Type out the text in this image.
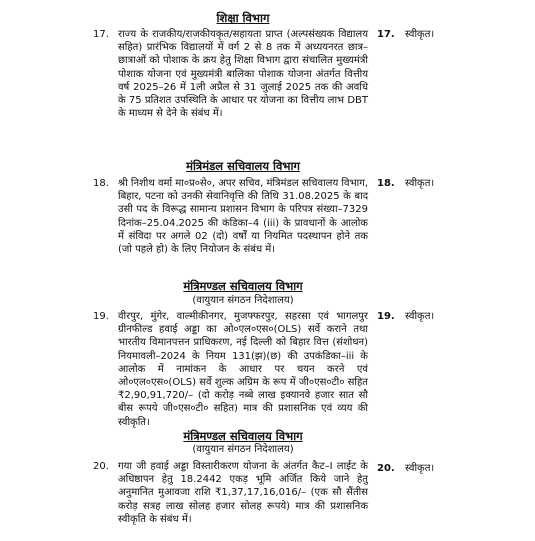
शिक्षा विभाग
17. राज्य के राजकीय/राजकीयकृत/सहायता प्राप्त (अल्पसंख्यक विद्यालय सहित) प्रारंभिक विद्यालयों में वर्ग 2 से 8 तक में अध्ययनरत छात्र–छात्राओं को पोशाक के क्रय हेतु शिक्षा विभाग द्वारा संचालित मुख्यमंत्री पोशाक योजना एवं मुख्यमंत्री बालिका पोशाक योजना अंतर्गत वित्तीय वर्ष 2025–26 में 1ली अप्रैल से 31 जुलाई 2025 तक की अवधि के 75 प्रतिशत उपस्थिति के आधार पर योजना का वित्तीय लाभ DBT के माध्यम से देने के संबंध में।

17. स्वीकृत।
मंत्रिमंडल सचिवालय विभाग
18. श्री निशीथ वर्मा मा०प्र०से०, अपर सचिव, मंत्रिमंडल सचिवालय विभाग, बिहार, पटना को उनकी सेवानिवृत्ति की तिथि 31.08.2025 के बाद उसी पद के विरूद्ध सामान्य प्रशासन विभाग के परिपत्र संख्या–7329 दिनांक–25.04.2025 की कंडिका–4 (iii) के प्रावधानों के आलोक में संविदा पर अगले 02 (दो) वर्षों या नियमित पदस्थापन होने तक (जो पहले हो) के लिए नियोजन के संबंध में।

18. स्वीकृत।
मंत्रिमण्डल सचिवालय विभाग
(वायुयान संगठन निदेशालय)
19. वीरपुर, मुंगेर, वाल्मीकीनगर, मुजफ्फरपुर, सहरसा एवं भागलपुर ग्रीनफील्ड हवाई अड्डा का ओ०एल०एस०(OLS) सर्वे कराने तथा भारतीय विमानपत्तन प्राधिकरण, नई दिल्ली को बिहार वित्त (संशोधन) नियमावली–2024 के नियम 131(झ)(छ) की उपकंडिका–iii के आलोक में नामांकन के आधार पर चयन करने एवं ओ०एल०एस०(OLS) सर्वे शुल्क अग्रिम के रूप में जी०एस०टी० सहित ₹2,90,91,720/– (दो करोड़ नब्बे लाख इक्यानवे हजार सात सौ बीस रूपये जी०एस०टी० सहित) मात्र की प्रशासनिक एवं व्यय की स्वीकृति।

19. स्वीकृत।
मंत्रिमण्डल सचिवालय विभाग
(वायुयान संगठन निदेशालय)
20. गया जी हवाई अड्डा विस्तारीकरण योजना के अंतर्गत कैट–I लाईट के अधिष्ठापन हेतु 18.2442 एकड़ भूमि अर्जित किये जाने हेतु अनुमानित मुआवजा राशि ₹1,37,17,16,016/– (एक सौ सैंतीस करोड़ सत्रह लाख सोलह हजार सोलह रूपये) मात्र की प्रशासनिक स्वीकृति के संबंध में।

20. स्वीकृत।
